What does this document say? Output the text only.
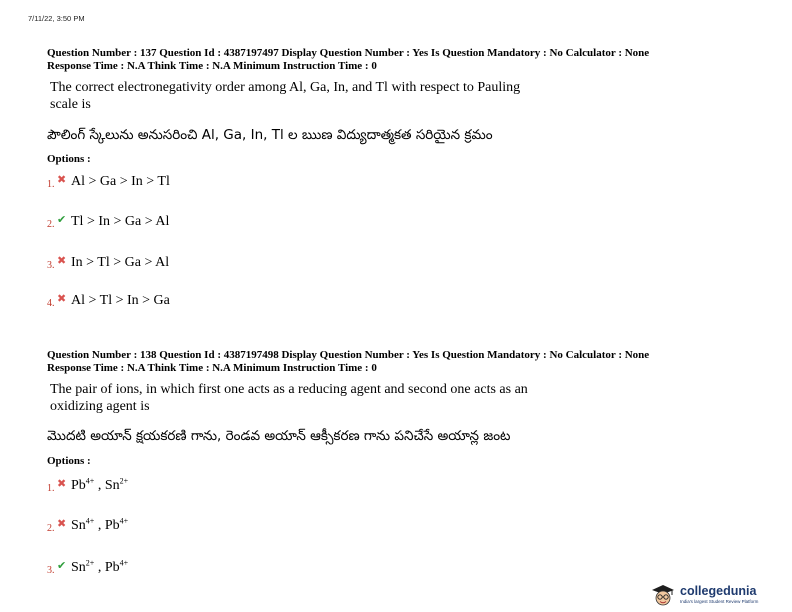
7/11/22, 3:50 PM
Question Number : 137 Question Id : 4387197497 Display Question Number : Yes Is Question Mandatory : No Calculator : None
Response Time : N.A Think Time : N.A Minimum Instruction Time : 0
The correct electronegativity order among Al, Ga, In, and Tl with respect to Pauling
scale is
పౌలింగ్ స్కేలును అనుసరించి Al, Ga, In, Tl ల ఋణ విద్యుదాత్మకత సరియైన క్రమం
Options :
1. ✖ Al > Ga > In > Tl
2. ✔ Tl > In > Ga > Al
3. ✖ In > Tl > Ga > Al
4. ✖ Al > Tl > In > Ga
Question Number : 138 Question Id : 4387197498 Display Question Number : Yes Is Question Mandatory : No Calculator : None
Response Time : N.A Think Time : N.A Minimum Instruction Time : 0
The pair of ions, in which first one acts as a reducing agent and second one acts as an
oxidizing agent is
మొదటి అయాన్ క్షయకరణి గాను, రెండవ అయాన్ ఆక్సీకరణ గాను పనిచేసే అయాన్ల జంట
Options :
1. ✖ $Pb^{4+}$ , $Sn^{2+}$
2. ✖ $Sn^{4+}$ , $Pb^{4+}$
3. ✔ $Sn^{2+}$ , $Pb^{4+}$
collegedunia
India's largest Student Review Platform
